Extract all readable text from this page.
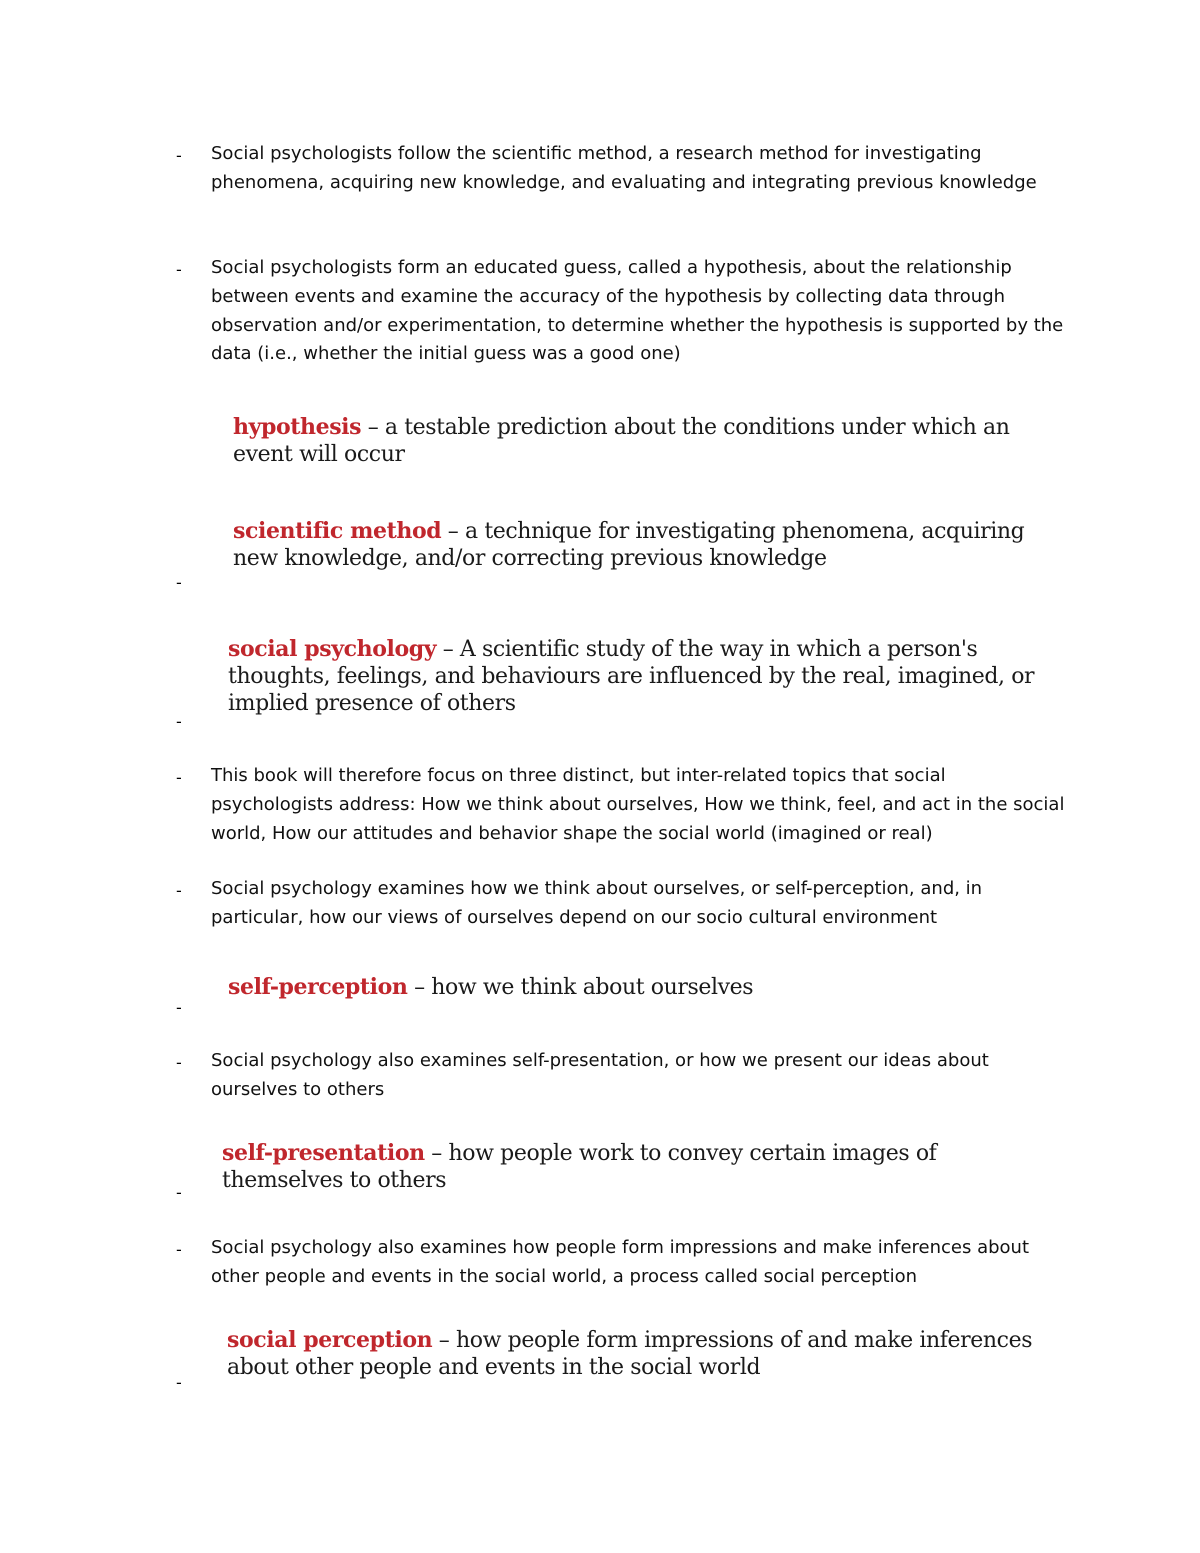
- Social psychologists follow the scientific method, a research method for investigating phenomena, acquiring new knowledge, and evaluating and integrating previous knowledge
- Social psychologists form an educated guess, called a hypothesis, about the relationship between events and examine the accuracy of the hypothesis by collecting data through observation and/or experimentation, to determine whether the hypothesis is supported by the data (i.e., whether the initial guess was a good one)
hypothesis – a testable prediction about the conditions under which an event will occur
scientific method – a technique for investigating phenomena, acquiring new knowledge, and/or correcting previous knowledge
-
social psychology – A scientific study of the way in which a person's thoughts, feelings, and behaviours are influenced by the real, imagined, or implied presence of others
-
- This book will therefore focus on three distinct, but inter-related topics that social psychologists address: How we think about ourselves, How we think, feel, and act in the social world, How our attitudes and behavior shape the social world (imagined or real)
- Social psychology examines how we think about ourselves, or self-perception, and, in particular, how our views of ourselves depend on our socio cultural environment
self-perception – how we think about ourselves
-
- Social psychology also examines self-presentation, or how we present our ideas about ourselves to others
self-presentation – how people work to convey certain images of themselves to others
-
- Social psychology also examines how people form impressions and make inferences about other people and events in the social world, a process called social perception
social perception – how people form impressions of and make inferences about other people and events in the social world
-
